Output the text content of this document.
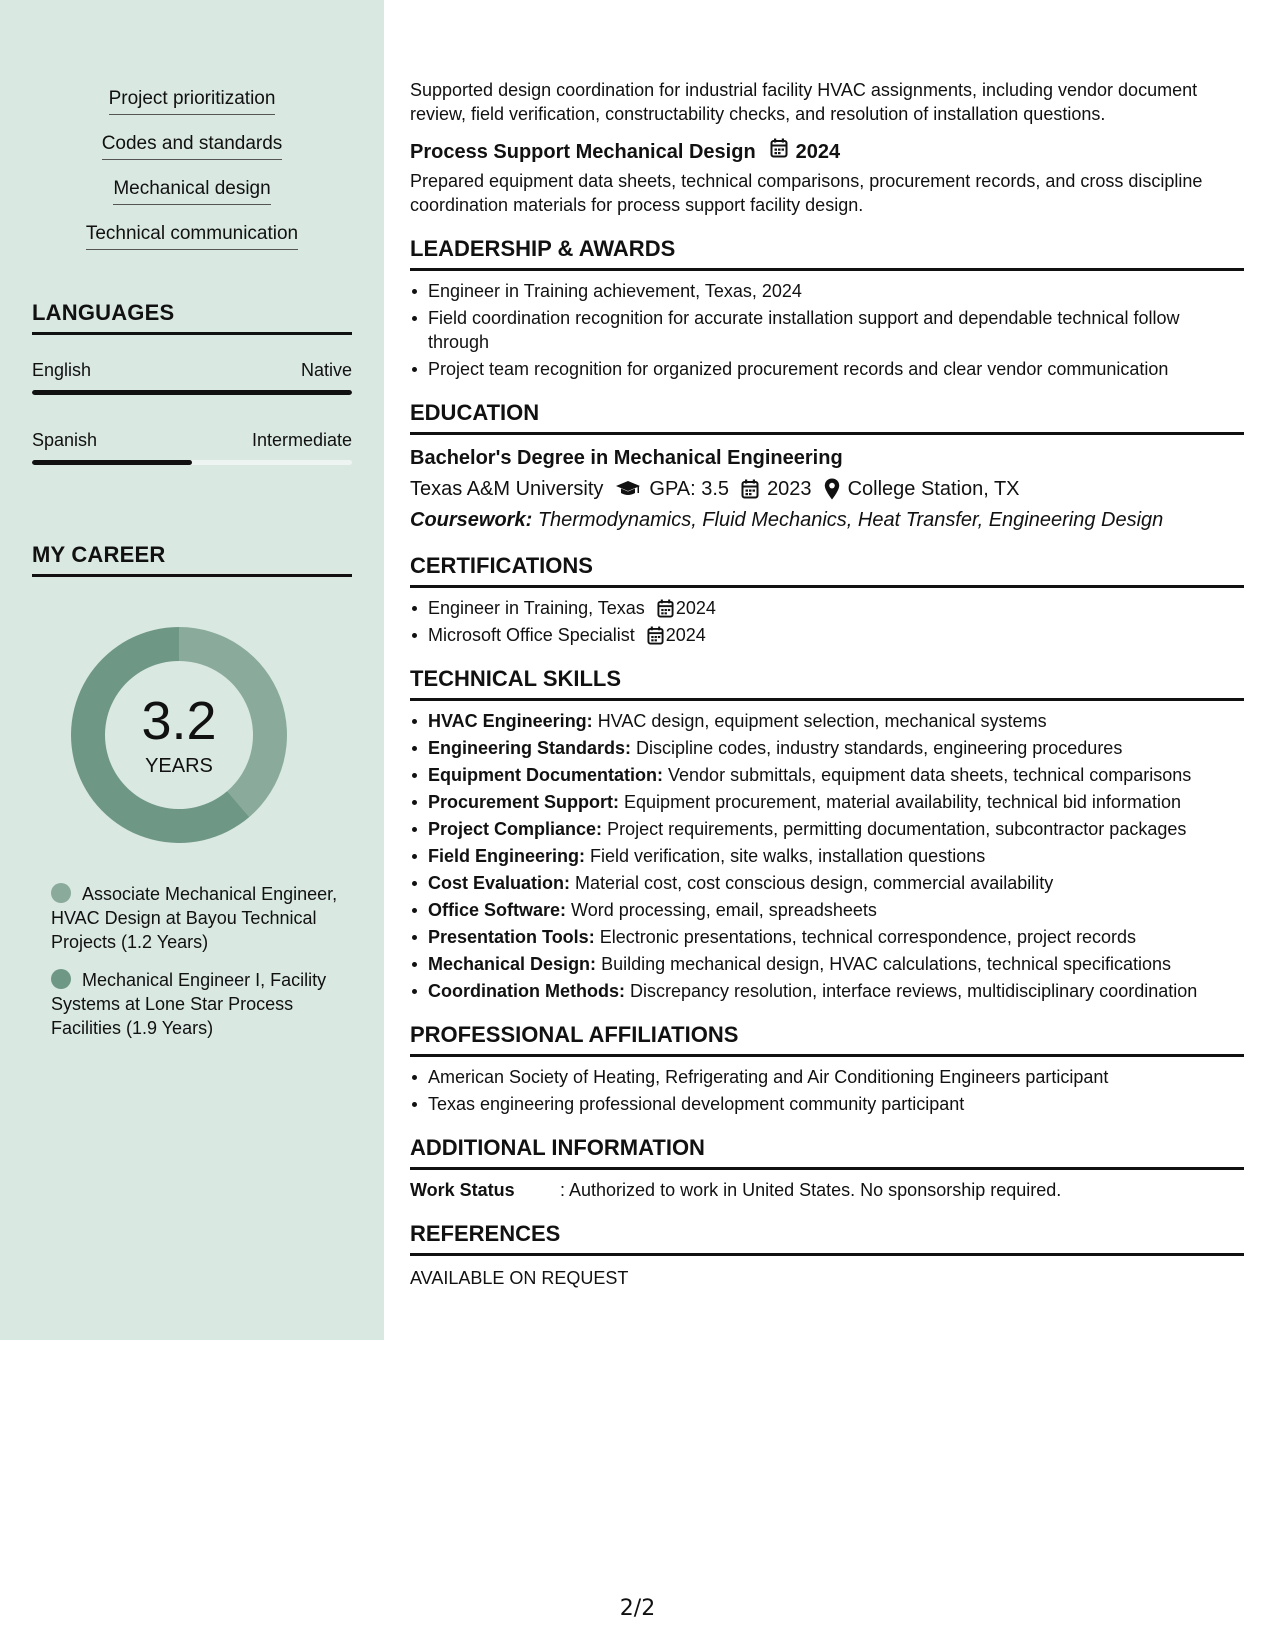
Project prioritization
Codes and standards
Mechanical design
Technical communication
LANGUAGES
English	Native
Spanish	Intermediate
MY CAREER
3.2
YEARS
Associate Mechanical Engineer, HVAC Design at Bayou Technical Projects (1.2 Years)
Mechanical Engineer I, Facility Systems at Lone Star Process Facilities (1.9 Years)
Supported design coordination for industrial facility HVAC assignments, including vendor document review, field verification, constructability checks, and resolution of installation questions.
Process Support Mechanical Design 2024
Prepared equipment data sheets, technical comparisons, procurement records, and cross discipline coordination materials for process support facility design.
LEADERSHIP & AWARDS
Engineer in Training achievement, Texas, 2024
Field coordination recognition for accurate installation support and dependable technical follow through
Project team recognition for organized procurement records and clear vendor communication
EDUCATION
Bachelor's Degree in Mechanical Engineering
Texas A&M University GPA: 3.5 2023 College Station, TX
Coursework: Thermodynamics, Fluid Mechanics, Heat Transfer, Engineering Design
CERTIFICATIONS
Engineer in Training, Texas 2024
Microsoft Office Specialist 2024
TECHNICAL SKILLS
HVAC Engineering: HVAC design, equipment selection, mechanical systems
Engineering Standards: Discipline codes, industry standards, engineering procedures
Equipment Documentation: Vendor submittals, equipment data sheets, technical comparisons
Procurement Support: Equipment procurement, material availability, technical bid information
Project Compliance: Project requirements, permitting documentation, subcontractor packages
Field Engineering: Field verification, site walks, installation questions
Cost Evaluation: Material cost, cost conscious design, commercial availability
Office Software: Word processing, email, spreadsheets
Presentation Tools: Electronic presentations, technical correspondence, project records
Mechanical Design: Building mechanical design, HVAC calculations, technical specifications
Coordination Methods: Discrepancy resolution, interface reviews, multidisciplinary coordination
PROFESSIONAL AFFILIATIONS
American Society of Heating, Refrigerating and Air Conditioning Engineers participant
Texas engineering professional development community participant
ADDITIONAL INFORMATION
Work Status	: Authorized to work in United States. No sponsorship required.
REFERENCES
AVAILABLE ON REQUEST
2/2
